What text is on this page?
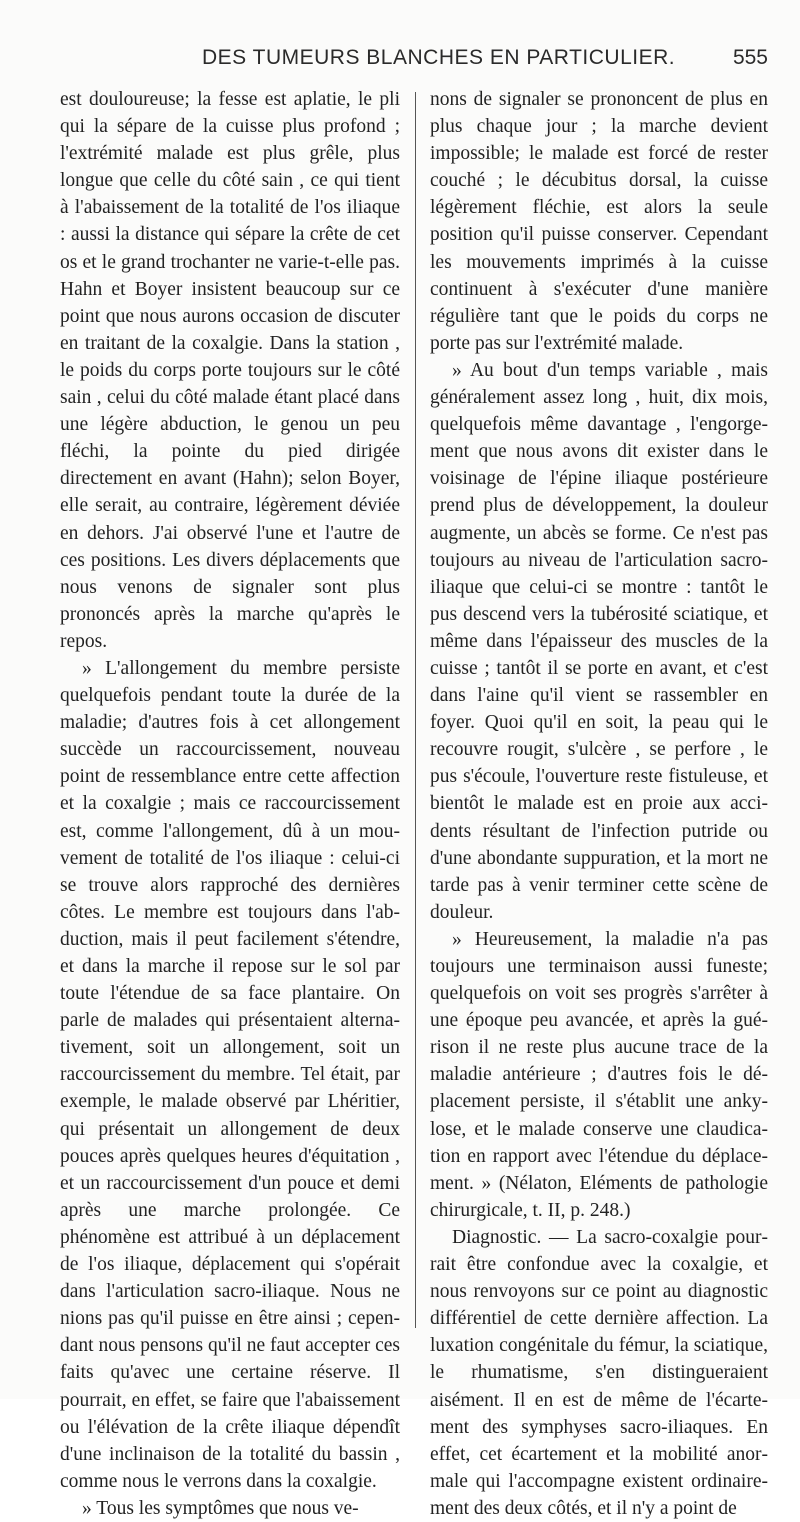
DES TUMEURS BLANCHES EN PARTICULIER.	555

est douloureuse; la fesse est aplatie, le pli qui la sépare de la cuisse plus profond ; l'extrémité malade est plus grêle, plus longue que celle du côté sain , ce qui tient à l'abaissement de la totalité de l'os iliaque : aussi la distance qui sépare la crête de cet os et le grand trochanter ne varie-t-elle pas. Hahn et Boyer insistent beaucoup sur ce point que nous aurons occasion de discuter en traitant de la coxalgie. Dans la station , le poids du corps porte toujours sur le côté sain , celui du côté malade étant placé dans une légère abduction, le genou un peu fléchi, la pointe du pied dirigée directement en avant (Hahn); selon Boyer, elle serait, au contraire, légèrement déviée en dehors. J'ai observé l'une et l'autre de ces positions. Les divers déplacements que nous venons de signaler sont plus prononcés après la marche qu'après le repos.

» L'allongement du membre persiste quelquefois pendant toute la durée de la maladie; d'autres fois à cet allongement succède un raccourcissement, nouveau point de ressemblance entre cette affection et la coxalgie ; mais ce raccourcissement est, comme l'allongement, dû à un mouvement de totalité de l'os iliaque : celui-ci se trouve alors rapproché des dernières côtes. Le membre est toujours dans l'abduction, mais il peut facilement s'étendre, et dans la marche il repose sur le sol par toute l'étendue de sa face plantaire. On parle de malades qui présentaient alternativement, soit un allongement, soit un raccourcissement du membre. Tel était, par exemple, le malade observé par Lhéritier, qui présentait un allongement de deux pouces après quelques heures d'équitation , et un raccourcissement d'un pouce et demi après une marche prolongée. Ce phénomène est attribué à un déplacement de l'os iliaque, déplacement qui s'opérait dans l'articulation sacro-iliaque. Nous ne nions pas qu'il puisse en être ainsi ; cependant nous pensons qu'il ne faut accepter ces faits qu'avec une certaine réserve. Il pourrait, en effet, se faire que l'abaissement ou l'élévation de la crête iliaque dépendît d'une inclinaison de la totalité du bassin , comme nous le verrons dans la coxalgie.

» Tous les symptômes que nous ve-

nons de signaler se prononcent de plus en plus chaque jour ; la marche devient impossible; le malade est forcé de rester couché ; le décubitus dorsal, la cuisse légèrement fléchie, est alors la seule position qu'il puisse conserver. Cependant les mouvements imprimés à la cuisse continuent à s'exécuter d'une manière régulière tant que le poids du corps ne porte pas sur l'extrémité malade.

» Au bout d'un temps variable , mais généralement assez long , huit, dix mois, quelquefois même davantage , l'engorgement que nous avons dit exister dans le voisinage de l'épine iliaque postérieure prend plus de développement, la douleur augmente, un abcès se forme. Ce n'est pas toujours au niveau de l'articulation sacro-iliaque que celui-ci se montre : tantôt le pus descend vers la tubérosité sciatique, et même dans l'épaisseur des muscles de la cuisse ; tantôt il se porte en avant, et c'est dans l'aine qu'il vient se rassembler en foyer. Quoi qu'il en soit, la peau qui le recouvre rougit, s'ulcère , se perfore , le pus s'écoule, l'ouverture reste fistuleuse, et bientôt le malade est en proie aux accidents résultant de l'infection putride ou d'une abondante suppuration, et la mort ne tarde pas à venir terminer cette scène de douleur.

» Heureusement, la maladie n'a pas toujours une terminaison aussi funeste; quelquefois on voit ses progrès s'arrêter à une époque peu avancée, et après la guérison il ne reste plus aucune trace de la maladie antérieure ; d'autres fois le déplacement persiste, il s'établit une ankylose, et le malade conserve une claudication en rapport avec l'étendue du déplacement. » (Nélaton, Eléments de pathologie chirurgicale, t. II, p. 248.)

Diagnostic. — La sacro-coxalgie pourrait être confondue avec la coxalgie, et nous renvoyons sur ce point au diagnostic différentiel de cette dernière affection. La luxation congénitale du fémur, la sciatique, le rhumatisme, s'en distingueraient aisément. Il en est de même de l'écartement des symphyses sacro-iliaques. En effet, cet écartement et la mobilité anormale qui l'accompagne existent ordinairement des deux côtés, et il n'y a point de
